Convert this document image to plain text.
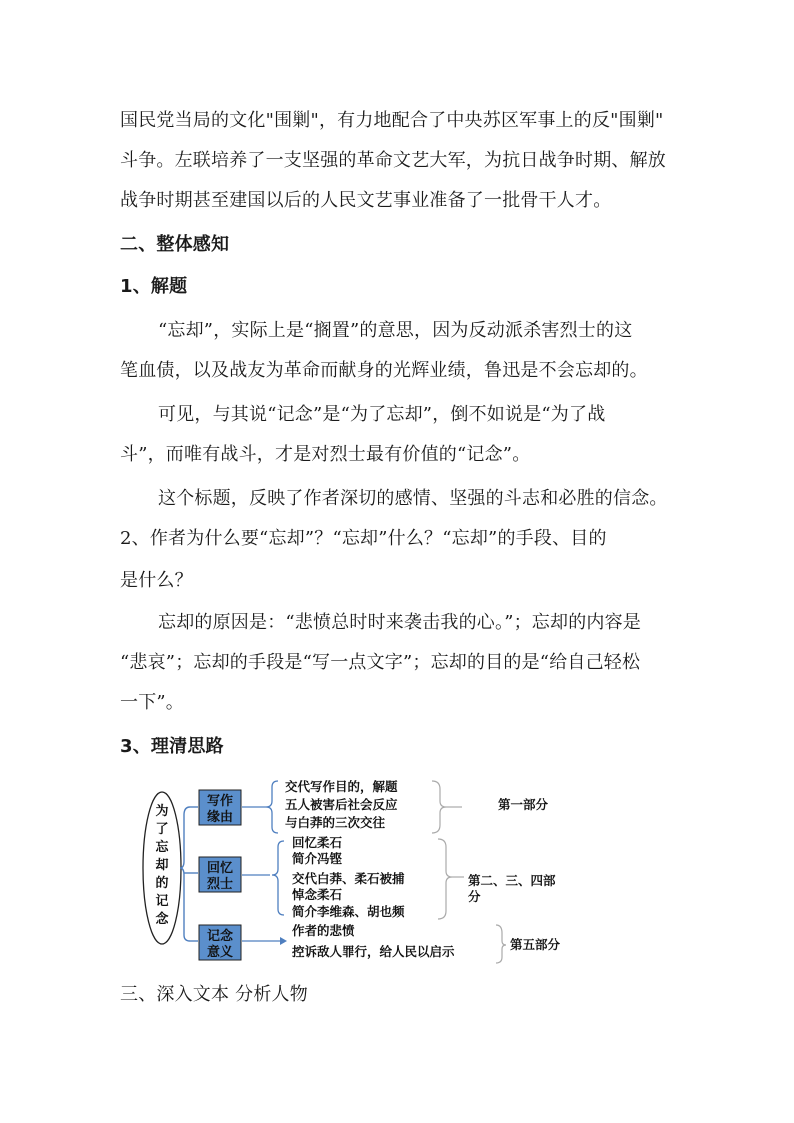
国民党当局的文化"围剿"，有力地配合了中央苏区军事上的反"围剿"
斗争。左联培养了一支坚强的革命文艺大军，为抗日战争时期、解放
战争时期甚至建国以后的人民文艺事业准备了一批骨干人才。
二、整体感知
1、解题
“忘却”，实际上是“搁置”的意思，因为反动派杀害烈士的这
笔血债，以及战友为革命而献身的光辉业绩，鲁迅是不会忘却的。
可见，与其说“记念”是“为了忘却”，倒不如说是“为了战
斗”，而唯有战斗，才是对烈士最有价值的“记念”。
这个标题，反映了作者深切的感情、坚强的斗志和必胜的信念。
2、作者为什么要“忘却”？“忘却”什么？“忘却”的手段、目的
是什么？
忘却的原因是：“悲愤总时时来袭击我的心。”；忘却的内容是
“悲哀”；忘却的手段是“写一点文字”；忘却的目的是“给自己轻松
一下”。
3、理清思路
为
了
忘
却
的
记
念
写作
缘由
回忆
烈士
记念
意义
交代写作目的，解题
五人被害后社会反应
与白莽的三次交往
第一部分
回忆柔石
简介冯铿
交代白莽、柔石被捕
悼念柔石
简介李维森、胡也频
第二、三、四部
分
作者的悲愤
控诉敌人罪行，给人民以启示	第五部分
三、深入文本 分析人物
